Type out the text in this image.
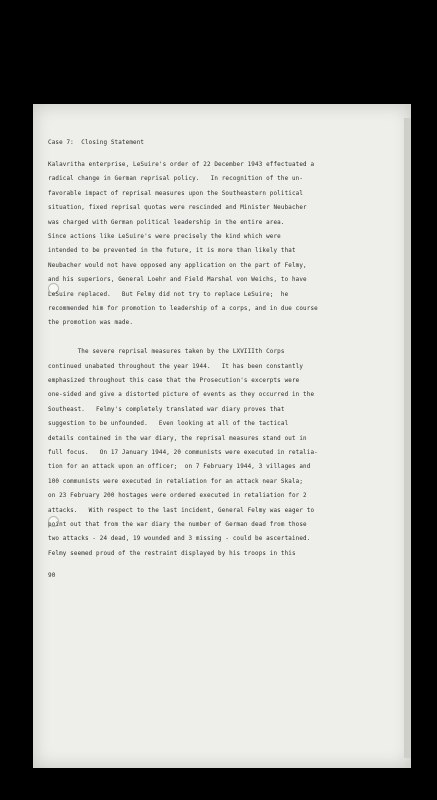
Case 7:  Closing Statement
Kalavritha enterprise, LeSuire's order of 22 December 1943 effectuated a
radical change in German reprisal policy.   In recognition of the un-
favorable impact of reprisal measures upon the Southeastern political
situation, fixed reprisal quotas were rescinded and Minister Neubacher
was charged with German political leadership in the entire area.
Since actions like LeSuire's were precisely the kind which were
intended to be prevented in the future, it is more than likely that
Neubacher would not have opposed any application on the part of Felmy,
and his superiors, General Loehr and Field Marshal von Weichs, to have
LeSuire replaced.   But Felmy did not try to replace LeSuire;  he
recommended him for promotion to leadership of a corps, and in due course
the promotion was made.
The severe reprisal measures taken by the LXVIIIth Corps
continued unabated throughout the year 1944.   It has been constantly
emphasized throughout this case that the Prosecution's excerpts were
one-sided and give a distorted picture of events as they occurred in the
Southeast.   Felmy's completely translated war diary proves that
suggestion to be unfounded.   Even looking at all of the tactical
details contained in the war diary, the reprisal measures stand out in
full focus.   On 17 January 1944, 20 communists were executed in retalia-
tion for an attack upon an officer;  on 7 February 1944, 3 villages and
100 communists were executed in retaliation for an attack near Skala;
on 23 February 200 hostages were ordered executed in retaliation for 2
attacks.   With respect to the last incident, General Felmy was eager to
point out that from the war diary the number of German dead from those
two attacks - 24 dead, 19 wounded and 3 missing - could be ascertained.
Felmy seemed proud of the restraint displayed by his troops in this
90
